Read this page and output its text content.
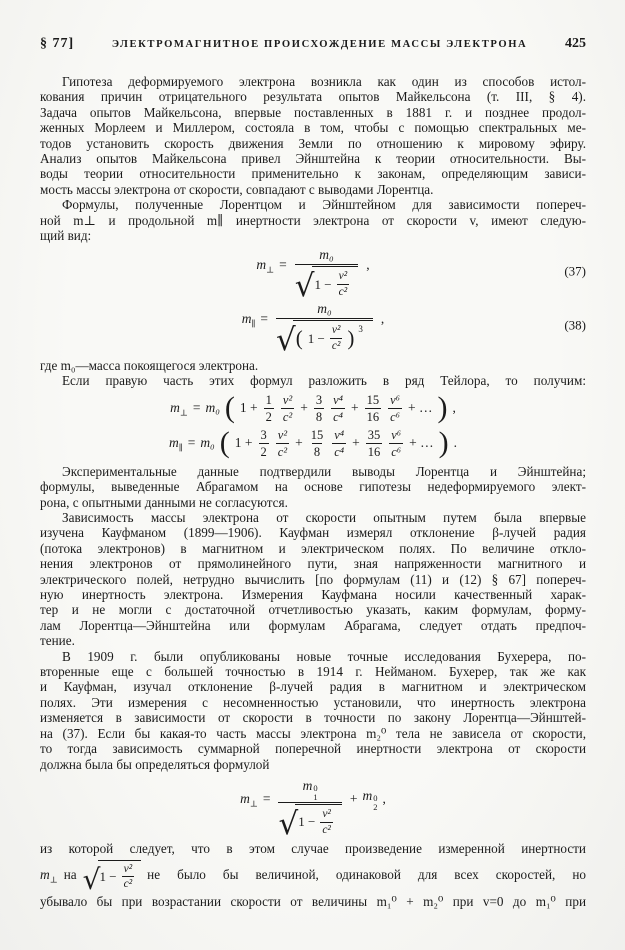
§ 77]	ЭЛЕКТРОМАГНИТНОЕ ПРОИСХОЖДЕНИЕ МАССЫ ЭЛЕКТРОНА	425
Гипотеза деформируемого электрона возникла как один из способов истол-
кования причин отрицательного результата опытов Майкельсона (т. III, § 4).
Задача опытов Майкельсона, впервые поставленных в 1881 г. и позднее продол-
женных Морлеем и Миллером, состояла в том, чтобы с помощью спектральных ме-
тодов установить скорость движения Земли по отношению к мировому эфиру.
Анализ опытов Майкельсона привел Эйнштейна к теории относительности. Вы-
воды теории относительности применительно к законам, определяющим зависи-
мость массы электрона от скорости, совпадают с выводами Лорентца.
Формулы, полученные Лорентцом и Эйнштейном для зависимости попереч-
ной m⊥ и продольной m∥ инертности электрона от скорости v, имеют следую-
щий вид:
$m_\perp$ =
m₀
√ $1 - \frac{\text{v²}}{\text{c²}}$
,	(37)
$m_\parallel$ =
m₀
√ ( $1 - \frac{\text{v²}}{\text{c²}}$ ) 3
,	(38)
где m₀—масса покоящегося электрона.
Если правую часть этих формул разложить в ряд Тейлора, то получим:
$m_\perp = m_0$ ( $1 + \frac{1}{2} \frac{\text{v²}}{\text{c²}} + \frac{3}{8} \frac{\text{v⁴}}{\text{c⁴}} + \frac{15}{16} \frac{\text{v⁶}}{\text{c⁶}}$ + … ) ,
$m_\parallel = m_0$ ( $1 + \frac{3}{2} \frac{\text{v²}}{\text{c²}} + \frac{15}{8} \frac{\text{v⁴}}{\text{c⁴}} + \frac{35}{16} \frac{\text{v⁶}}{\text{c⁶}}$ + … ) .
Экспериментальные данные подтвердили выводы Лорентца и Эйнштейна;
формулы, выведенные Абрагамом на основе гипотезы недеформируемого элект-
рона, с опытными данными не согласуются.
Зависимость массы электрона от скорости опытным путем была впервые
изучена Кауфманом (1899—1906). Кауфман измерял отклонение β-лучей радия
(потока электронов) в магнитном и электрическом полях. По величине откло-
нения электронов от прямолинейного пути, зная напряженности магнитного и
электрического полей, нетрудно вычислить [по формулам (11) и (12) § 67] попереч-
ную инертность электрона. Измерения Кауфмана носили качественный харак-
тер и не могли с достаточной отчетливостью указать, каким формулам, форму-
лам Лорентца—Эйнштейна или формулам Абрагама, следует отдать предпоч-
тение.
В 1909 г. были опубликованы новые точные исследования Бухерера, по-
вторенные еще с большей точностью в 1914 г. Нейманом. Бухерер, так же как
и Кауфман, изучал отклонение β-лучей радия в магнитном и электрическом
полях. Эти измерения с несомненностью установили, что инертность электрона
изменяется в зависимости от скорости в точности по закону Лорентца—Эйнштей-
на (37). Если бы какая-то часть массы электрона m₂⁰ тела не зависела от скорости,
то тогда зависимость суммарной поперечной инертности электрона от скорости
должна была бы определяться формулой
$m_\perp$ =
m 0
1
√ $1 - \frac{\text{v²}}{\text{c²}}$
+ m 0
2
,
из которой следует, что в этом случае произведение измеренной инертности
$m_\perp$ на √ $1 - \frac{\text{v²}}{\text{c²}}$ не было бы величиной, одинаковой для всех скоростей, но
убывало бы при возрастании скорости от величины m₁⁰ + m₂⁰ при v=0 до m₁⁰ при
